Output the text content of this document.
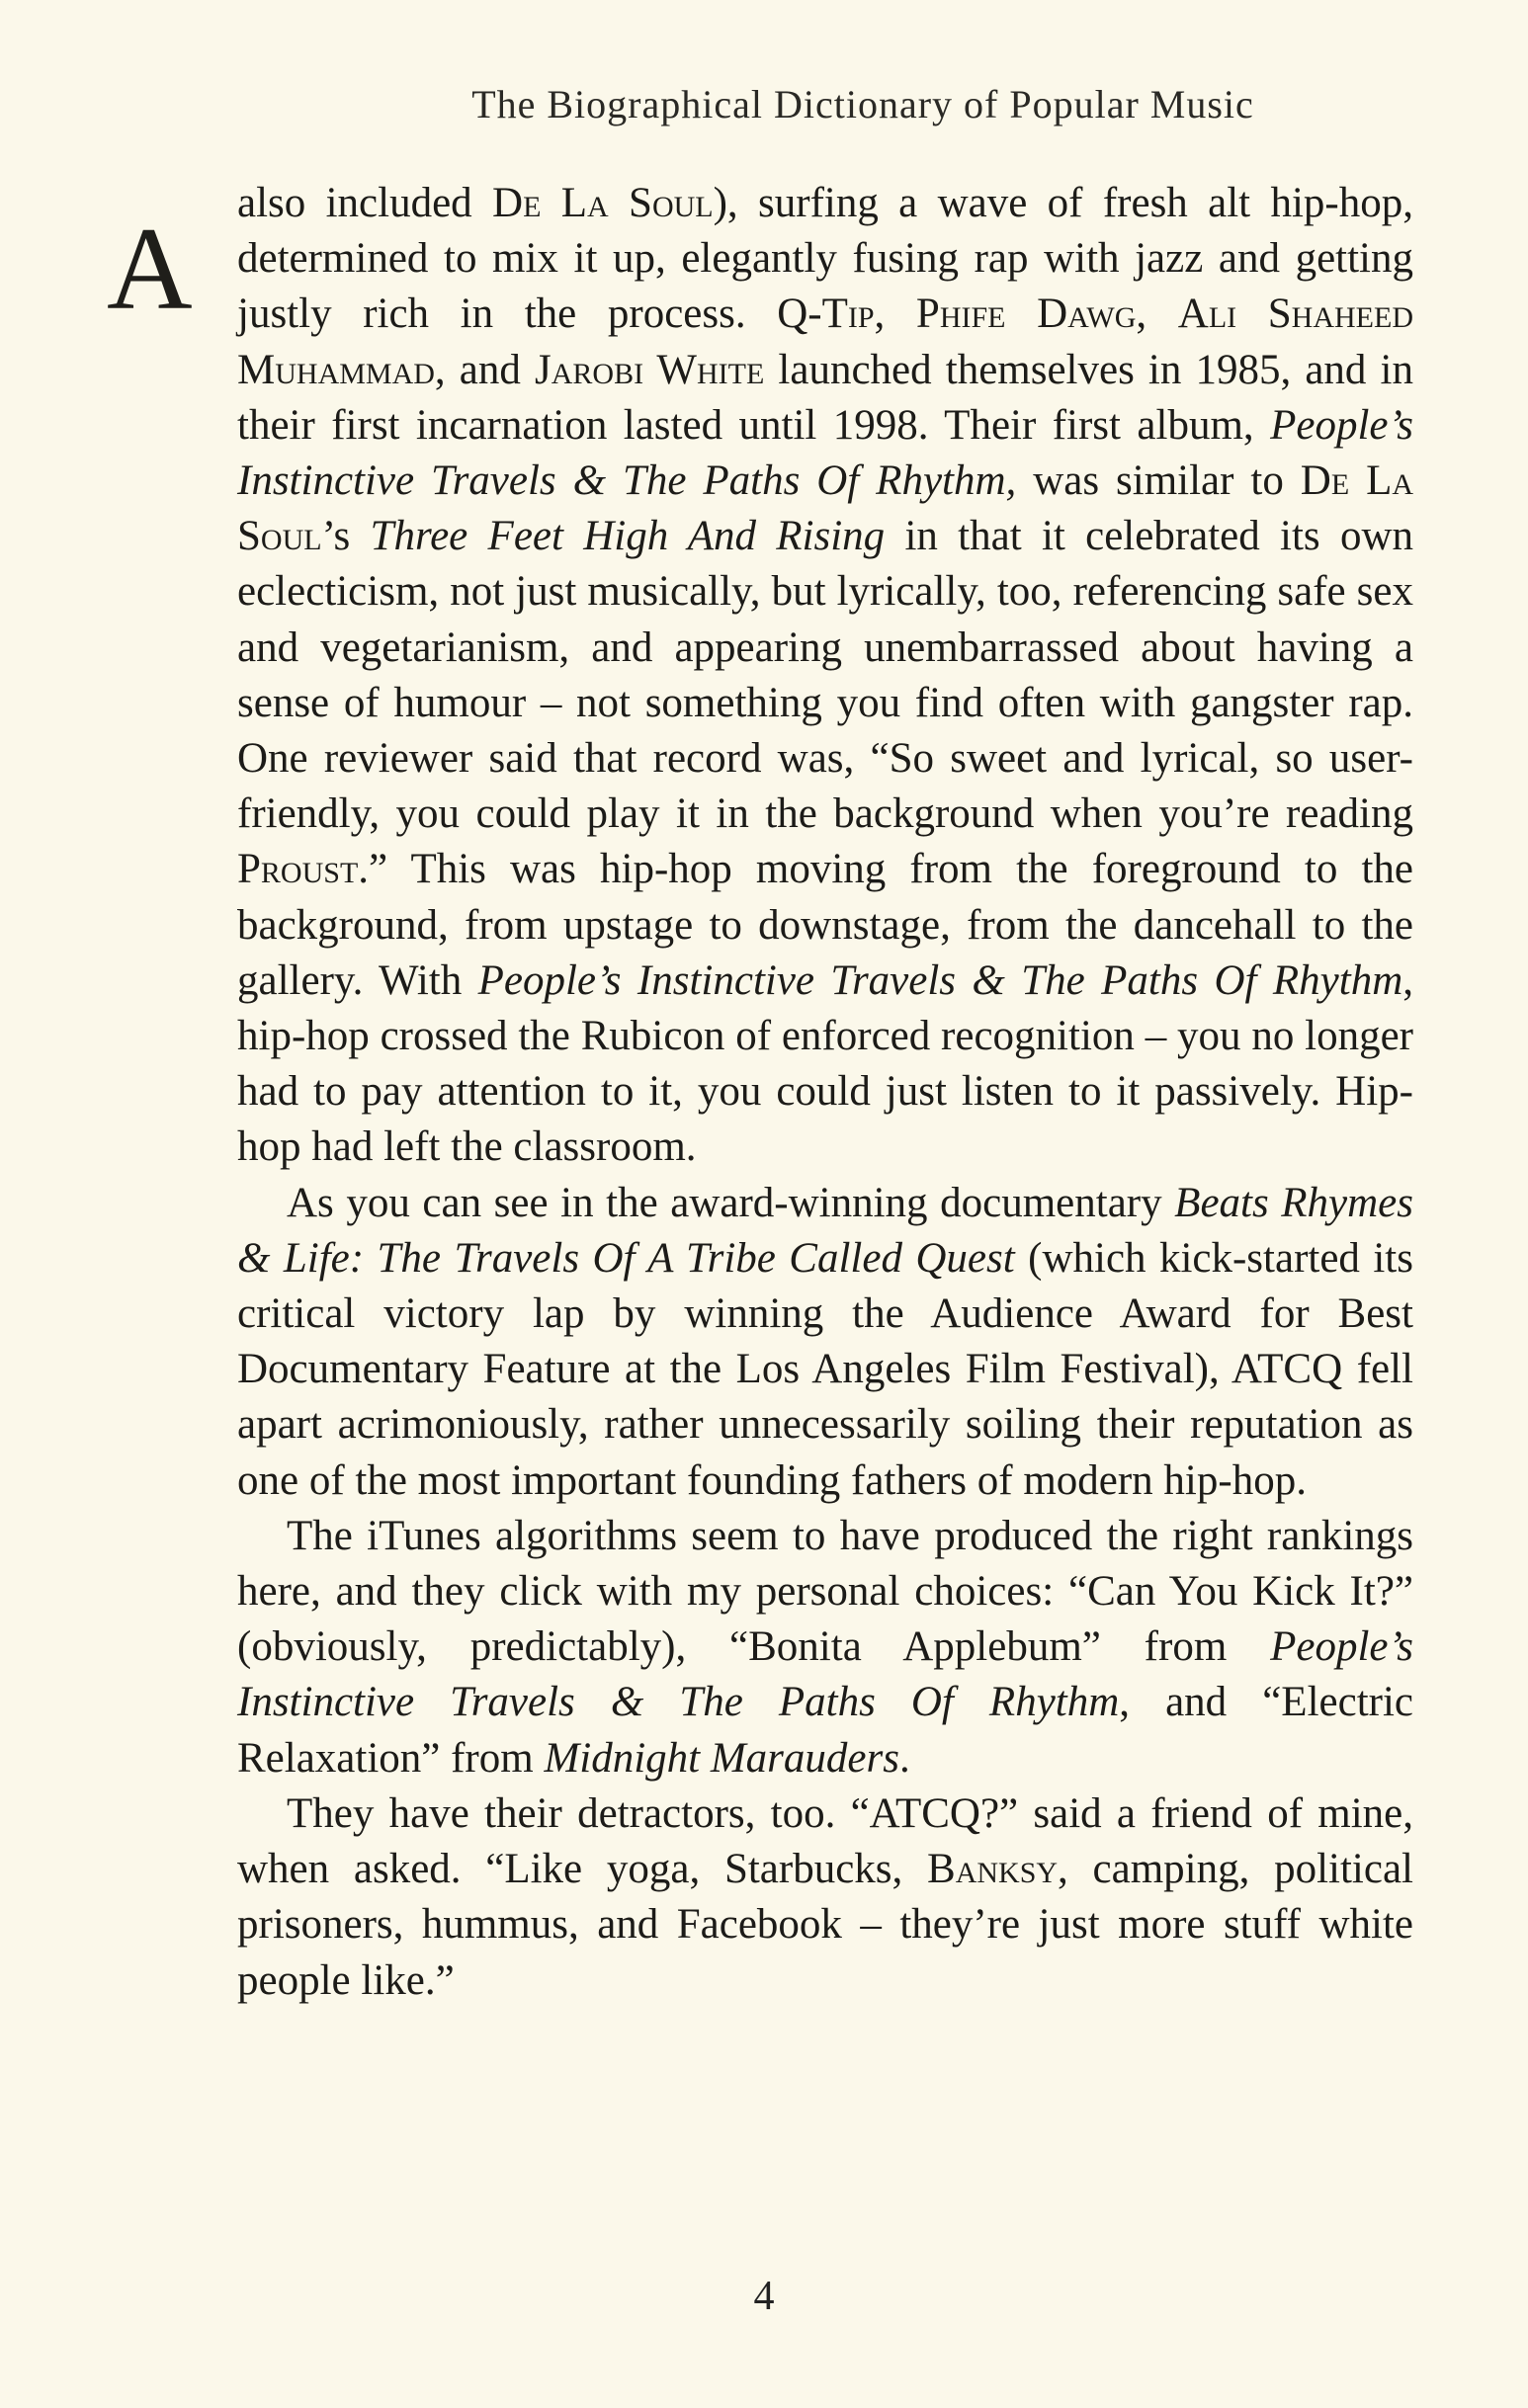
The Biographical Dictionary of Popular Music
A also included De La Soul), surfing a wave of fresh alt hip-hop, determined to mix it up, elegantly fusing rap with jazz and getting justly rich in the process. Q-Tip, Phife Dawg, Ali Shaheed Muhammad, and Jarobi White launched themselves in 1985, and in their first incarnation lasted until 1998. Their first album, People’s Instinctive Travels & The Paths Of Rhythm, was similar to De La Soul’s Three Feet High And Rising in that it celebrated its own eclecticism, not just musically, but lyrically, too, referencing safe sex and vegetarianism, and appearing unembarrassed about having a sense of humour – not something you find often with gangster rap. One reviewer said that record was, “So sweet and lyrical, so user-friendly, you could play it in the background when you’re reading Proust.” This was hip-hop moving from the foreground to the background, from upstage to downstage, from the dancehall to the gallery. With People’s Instinctive Travels & The Paths Of Rhythm, hip-hop crossed the Rubicon of enforced recognition – you no longer had to pay attention to it, you could just listen to it passively. Hip-hop had left the classroom.

As you can see in the award-winning documentary Beats Rhymes & Life: The Travels Of A Tribe Called Quest (which kick-started its critical victory lap by winning the Audience Award for Best Documentary Feature at the Los Angeles Film Festival), ATCQ fell apart acrimoniously, rather unnecessarily soiling their reputation as one of the most important founding fathers of modern hip-hop.

The iTunes algorithms seem to have produced the right rankings here, and they click with my personal choices: “Can You Kick It?” (obviously, predictably), “Bonita Applebum” from People’s Instinctive Travels & The Paths Of Rhythm, and “Electric Relaxation” from Midnight Marauders.

They have their detractors, too. “ATCQ?” said a friend of mine, when asked. “Like yoga, Starbucks, Banksy, camping, political prisoners, hummus, and Facebook – they’re just more stuff white people like.”

4
